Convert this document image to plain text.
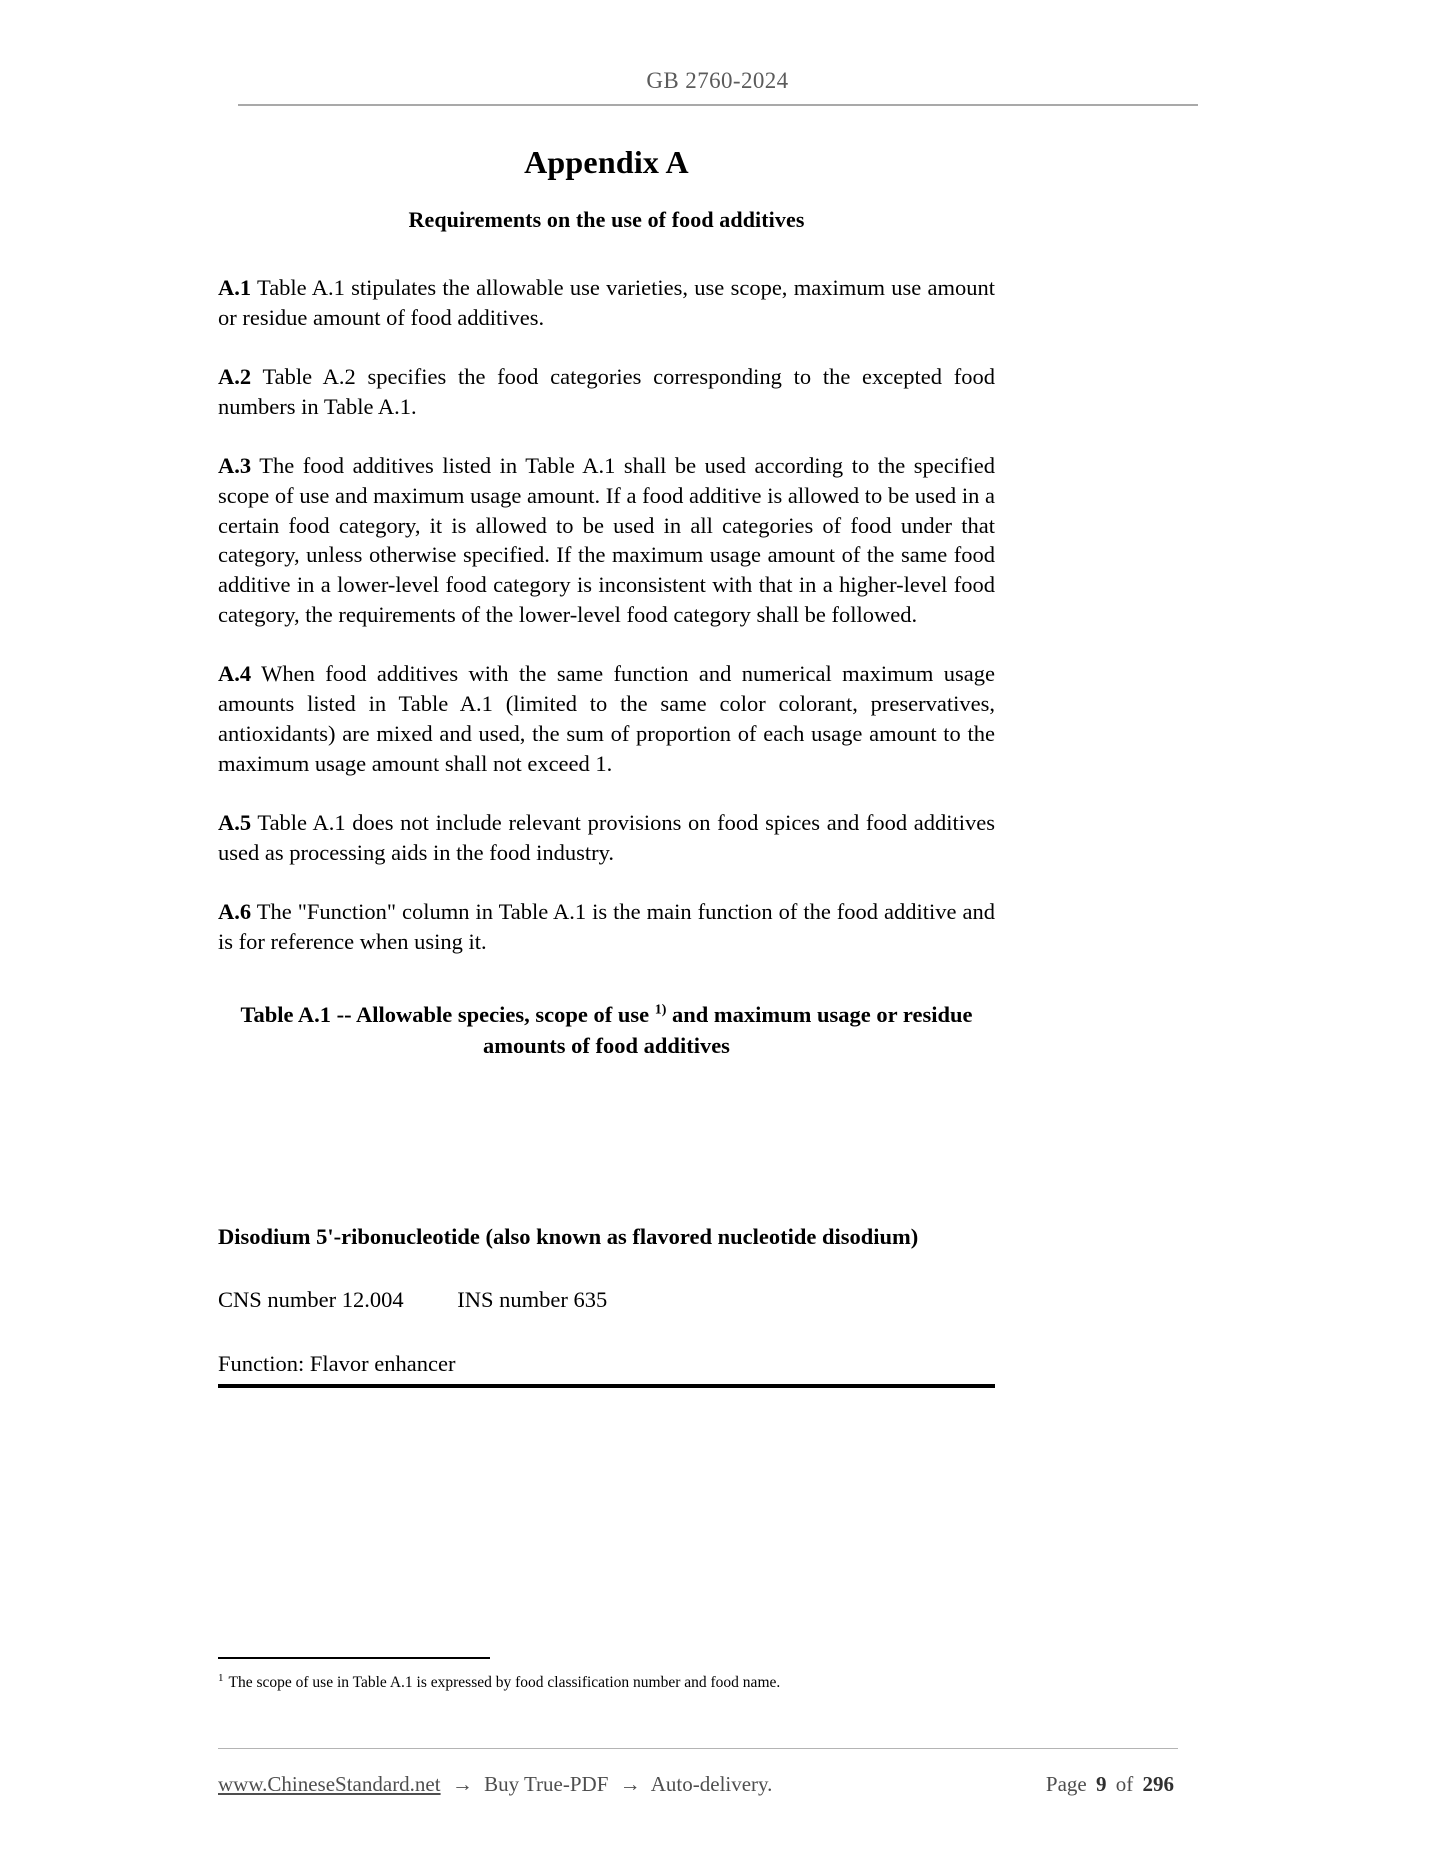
GB 2760-2024
Appendix A
Requirements on the use of food additives

A.1 Table A.1 stipulates the allowable use varieties, use scope, maximum use amount or residue amount of food additives.

A.2 Table A.2 specifies the food categories corresponding to the excepted food numbers in Table A.1.

A.3 The food additives listed in Table A.1 shall be used according to the specified scope of use and maximum usage amount. If a food additive is allowed to be used in a certain food category, it is allowed to be used in all categories of food under that category, unless otherwise specified. If the maximum usage amount of the same food additive in a lower-level food category is inconsistent with that in a higher-level food category, the requirements of the lower-level food category shall be followed.

A.4 When food additives with the same function and numerical maximum usage amounts listed in Table A.1 (limited to the same color colorant, preservatives, antioxidants) are mixed and used, the sum of proportion of each usage amount to the maximum usage amount shall not exceed 1.

A.5 Table A.1 does not include relevant provisions on food spices and food additives used as processing aids in the food industry.

A.6 The "Function" column in Table A.1 is the main function of the food additive and is for reference when using it.

Table A.1 -- Allowable species, scope of use $^{1)}$ and maximum usage or residue amounts of food additives

Disodium 5'-ribonucleotide (also known as flavored nucleotide disodium)

CNS number 12.004 INS number 635

Function: Flavor enhancer

$^1$ The scope of use in Table A.1 is expressed by food classification number and food name.

www.ChineseStandard.net → Buy True-PDF → Auto-delivery.	Page 9 of 296
